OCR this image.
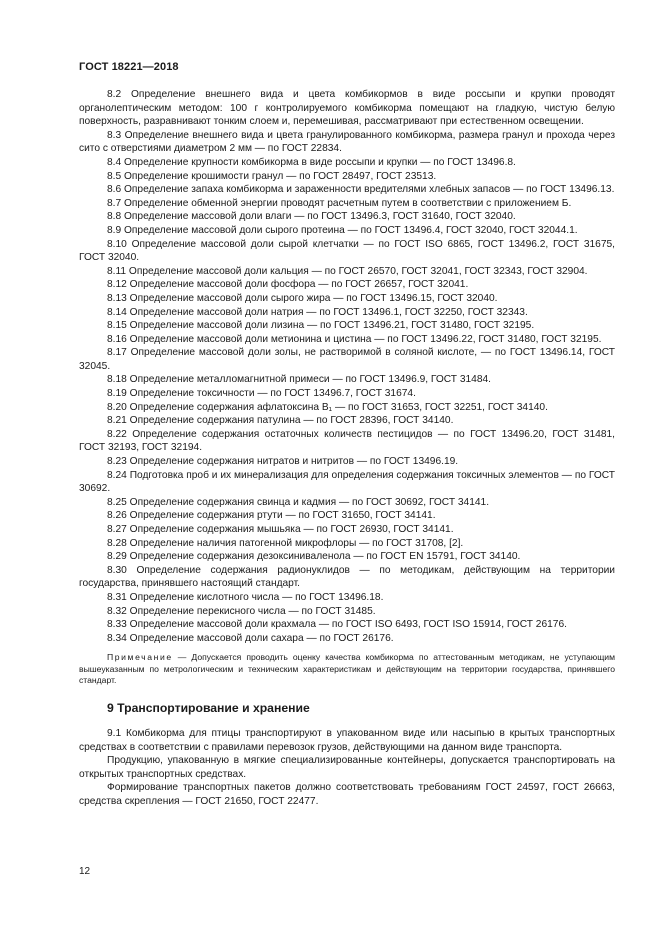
ГОСТ 18221—2018

8.2 Определение внешнего вида и цвета комбикормов в виде россыпи и крупки проводят органолептическим методом: 100 г контролируемого комбикорма помещают на гладкую, чистую белую поверхность, разравнивают тонким слоем и, перемешивая, рассматривают при естественном освещении.

8.3 Определение внешнего вида и цвета гранулированного комбикорма, размера гранул и прохода через сито с отверстиями диаметром 2 мм — по ГОСТ 22834.

8.4 Определение крупности комбикорма в виде россыпи и крупки — по ГОСТ 13496.8.

8.5 Определение крошимости гранул — по ГОСТ 28497, ГОСТ 23513.

8.6 Определение запаха комбикорма и зараженности вредителями хлебных запасов — по ГОСТ 13496.13.

8.7 Определение обменной энергии проводят расчетным путем в соответствии с приложением Б.

8.8 Определение массовой доли влаги — по ГОСТ 13496.3, ГОСТ 31640, ГОСТ 32040.

8.9 Определение массовой доли сырого протеина — по ГОСТ 13496.4, ГОСТ 32040, ГОСТ 32044.1.

8.10 Определение массовой доли сырой клетчатки — по ГОСТ ISO 6865, ГОСТ 13496.2, ГОСТ 31675, ГОСТ 32040.

8.11 Определение массовой доли кальция — по ГОСТ 26570, ГОСТ 32041, ГОСТ 32343, ГОСТ 32904.

8.12 Определение массовой доли фосфора — по ГОСТ 26657, ГОСТ 32041.

8.13 Определение массовой доли сырого жира — по ГОСТ 13496.15, ГОСТ 32040.

8.14 Определение массовой доли натрия — по ГОСТ 13496.1, ГОСТ 32250, ГОСТ 32343.

8.15 Определение массовой доли лизина — по ГОСТ 13496.21, ГОСТ 31480, ГОСТ 32195.

8.16 Определение массовой доли метионина и цистина — по ГОСТ 13496.22, ГОСТ 31480, ГОСТ 32195.

8.17 Определение массовой доли золы, не растворимой в соляной кислоте, — по ГОСТ 13496.14, ГОСТ 32045.

8.18 Определение металломагнитной примеси — по ГОСТ 13496.9, ГОСТ 31484.

8.19 Определение токсичности — по ГОСТ 13496.7, ГОСТ 31674.

8.20 Определение содержания афлатоксина B₁ — по ГОСТ 31653, ГОСТ 32251, ГОСТ 34140.

8.21 Определение содержания патулина — по ГОСТ 28396, ГОСТ 34140.

8.22 Определение содержания остаточных количеств пестицидов — по ГОСТ 13496.20, ГОСТ 31481, ГОСТ 32193, ГОСТ 32194.

8.23 Определение содержания нитратов и нитритов — по ГОСТ 13496.19.

8.24 Подготовка проб и их минерализация для определения содержания токсичных элементов — по ГОСТ 30692.

8.25 Определение содержания свинца и кадмия — по ГОСТ 30692, ГОСТ 34141.

8.26 Определение содержания ртути — по ГОСТ 31650, ГОСТ 34141.

8.27 Определение содержания мышьяка — по ГОСТ 26930, ГОСТ 34141.

8.28 Определение наличия патогенной микрофлоры — по ГОСТ 31708, [2].

8.29 Определение содержания дезоксиниваленола — по ГОСТ EN 15791, ГОСТ 34140.

8.30 Определение содержания радионуклидов — по методикам, действующим на территории государства, принявшего настоящий стандарт.

8.31 Определение кислотного числа — по ГОСТ 13496.18.

8.32 Определение перекисного числа — по ГОСТ 31485.

8.33 Определение массовой доли крахмала — по ГОСТ ISO 6493, ГОСТ ISO 15914, ГОСТ 26176.

8.34 Определение массовой доли сахара — по ГОСТ 26176.

Примечание — Допускается проводить оценку качества комбикорма по аттестованным методикам, не уступающим вышеуказанным по метрологическим и техническим характеристикам и действующим на территории государства, принявшего стандарт.

9 Транспортирование и хранение

9.1 Комбикорма для птицы транспортируют в упакованном виде или насыпью в крытых транспортных средствах в соответствии с правилами перевозок грузов, действующими на данном виде транспорта.

Продукцию, упакованную в мягкие специализированные контейнеры, допускается транспортировать на открытых транспортных средствах.

Формирование транспортных пакетов должно соответствовать требованиям ГОСТ 24597, ГОСТ 26663, средства скрепления — ГОСТ 21650, ГОСТ 22477.

12
